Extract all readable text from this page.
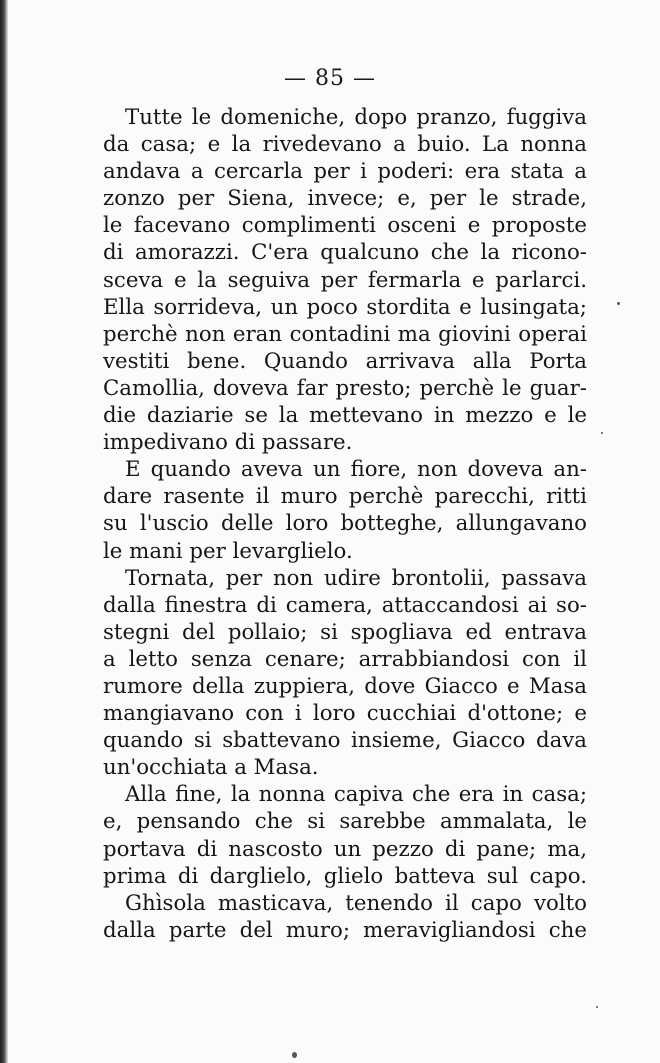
— 85 —
Tutte le domeniche, dopo pranzo, fuggiva
da casa; e la rivedevano a buio. La nonna
andava a cercarla per i poderi: era stata a
zonzo per Siena, invece; e, per le strade,
le facevano complimenti osceni e proposte
di amorazzi. C'era qualcuno che la ricono-
sceva e la seguiva per fermarla e parlarci.
Ella sorrideva, un poco stordita e lusingata;
perchè non eran contadini ma giovini operai
vestiti bene. Quando arrivava alla Porta
Camollia, doveva far presto; perchè le guar-
die daziarie se la mettevano in mezzo e le
impedivano di passare.
E quando aveva un fiore, non doveva an-
dare rasente il muro perchè parecchi, ritti
su l'uscio delle loro botteghe, allungavano
le mani per levarglielo.
Tornata, per non udire brontolii, passava
dalla finestra di camera, attaccandosi ai so-
stegni del pollaio; si spogliava ed entrava
a letto senza cenare; arrabbiandosi con il
rumore della zuppiera, dove Giacco e Masa
mangiavano con i loro cucchiai d'ottone; e
quando si sbattevano insieme, Giacco dava
un'occhiata a Masa.
Alla fine, la nonna capiva che era in casa;
e, pensando che si sarebbe ammalata, le
portava di nascosto un pezzo di pane; ma,
prima di darglielo, glielo batteva sul capo.
Ghìsola masticava, tenendo il capo volto
dalla parte del muro; meravigliandosi che
